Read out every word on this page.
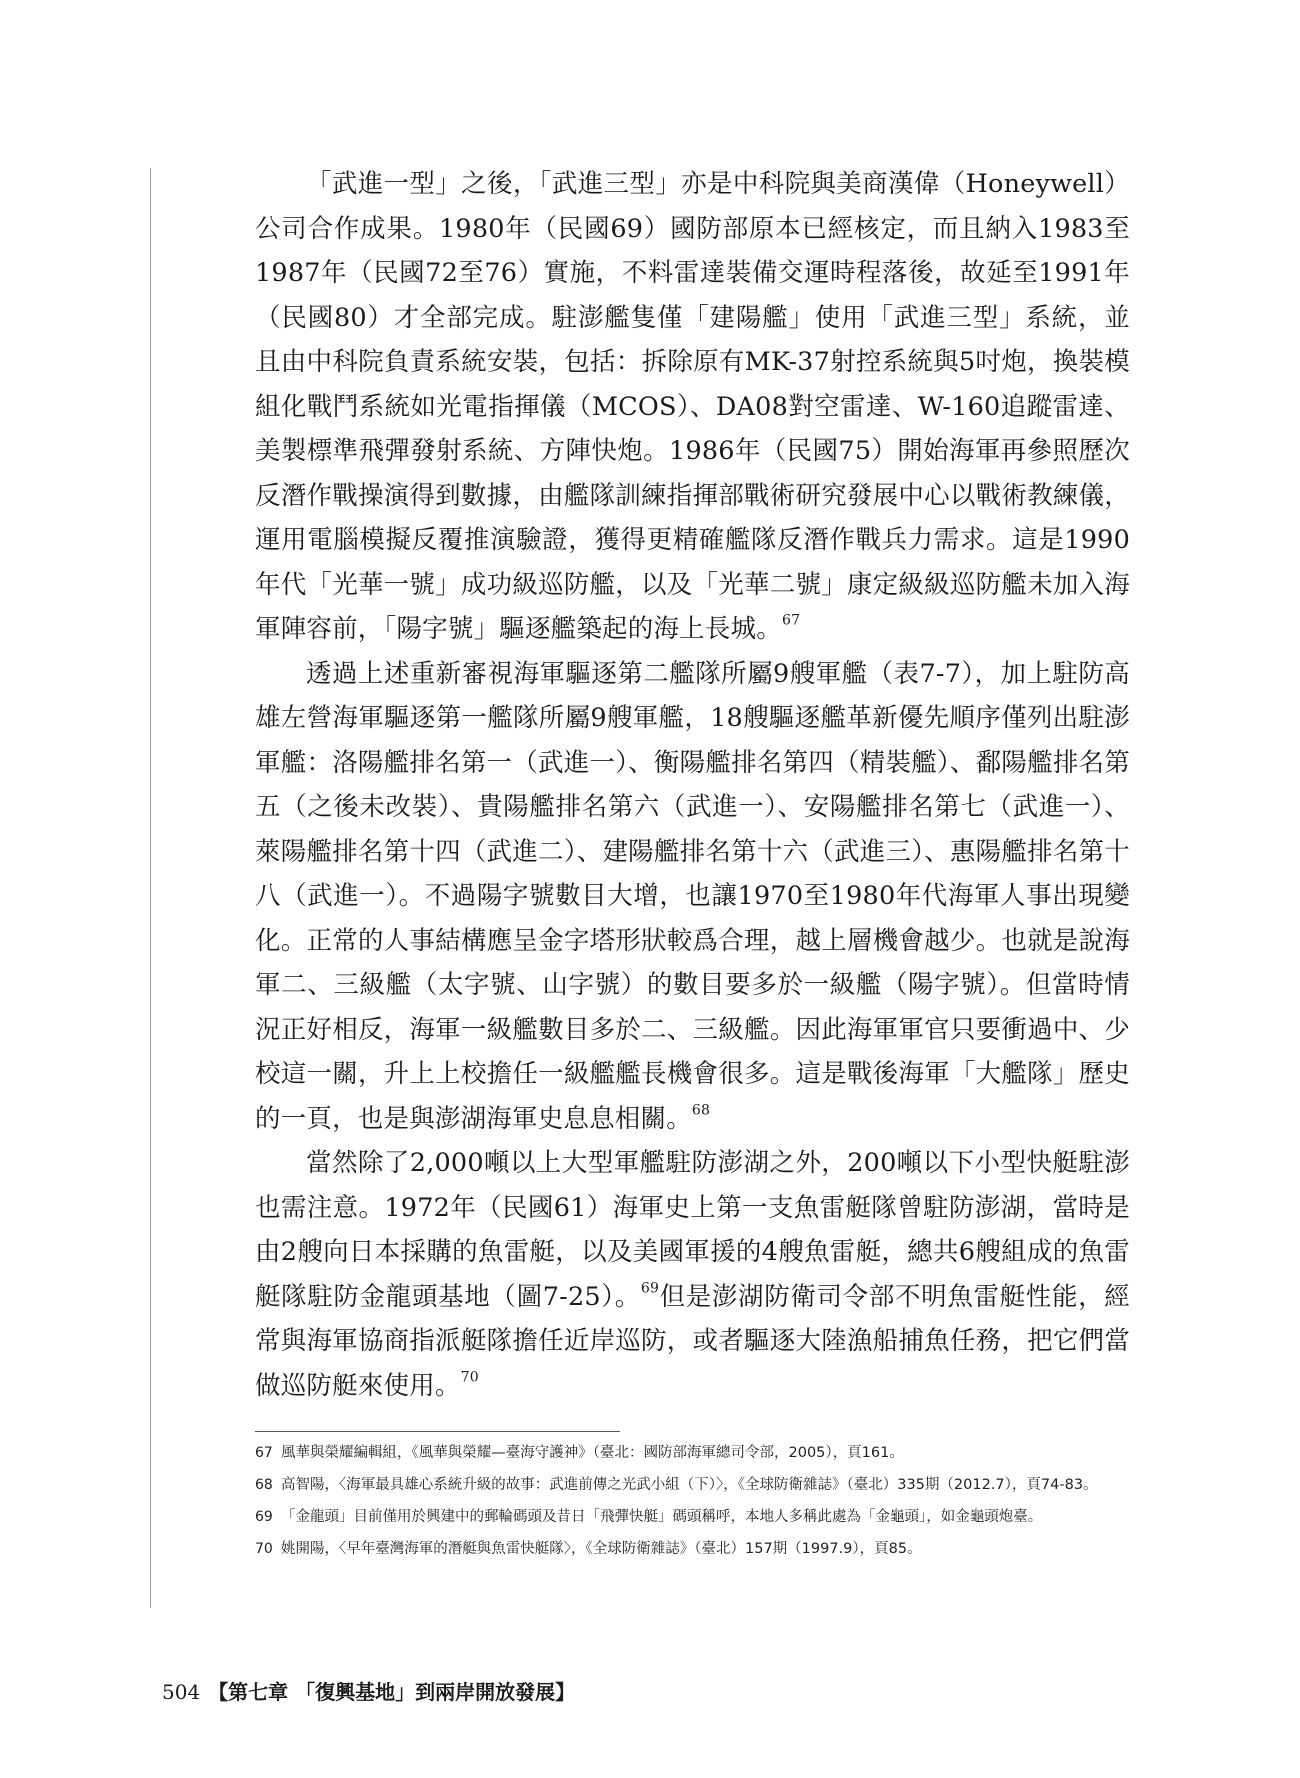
「武進一型」之後，「武進三型」亦是中科院與美商漢偉（Honeywell）公司合作成果。1980年（民國69）國防部原本已經核定，而且納入1983至1987年（民國72至76）實施，不料雷達裝備交運時程落後，故延至1991年（民國80）才全部完成。駐澎艦隻僅「建陽艦」使用「武進三型」系統，並且由中科院負責系統安裝，包括：拆除原有MK-37射控系統與5吋炮，換裝模組化戰鬥系統如光電指揮儀（MCOS）、DA08對空雷達、W-160追蹤雷達、美製標準飛彈發射系統、方陣快炮。1986年（民國75）開始海軍再參照歷次反潛作戰操演得到數據，由艦隊訓練指揮部戰術研究發展中心以戰術教練儀，運用電腦模擬反覆推演驗證，獲得更精確艦隊反潛作戰兵力需求。這是1990年代「光華一號」成功級巡防艦，以及「光華二號」康定級級巡防艦未加入海軍陣容前，「陽字號」驅逐艦築起的海上長城。$^{67}$

透過上述重新審視海軍驅逐第二艦隊所屬9艘軍艦（表7-7），加上駐防高雄左營海軍驅逐第一艦隊所屬9艘軍艦，18艘驅逐艦革新優先順序僅列出駐澎軍艦：洛陽艦排名第一（武進一）、衡陽艦排名第四（精裝艦）、鄱陽艦排名第五（之後未改裝）、貴陽艦排名第六（武進一）、安陽艦排名第七（武進一）、萊陽艦排名第十四（武進二）、建陽艦排名第十六（武進三）、惠陽艦排名第十八（武進一）。不過陽字號數目大增，也讓1970至1980年代海軍人事出現變化。正常的人事結構應呈金字塔形狀較爲合理，越上層機會越少。也就是說海軍二、三級艦（太字號、山字號）的數目要多於一級艦（陽字號）。但當時情況正好相反，海軍一級艦數目多於二、三級艦。因此海軍軍官只要衝過中、少校這一關，升上上校擔任一級艦艦長機會很多。這是戰後海軍「大艦隊」歷史的一頁，也是與澎湖海軍史息息相關。$^{68}$

當然除了2,000噸以上大型軍艦駐防澎湖之外，200噸以下小型快艇駐澎也需注意。1972年（民國61）海軍史上第一支魚雷艇隊曾駐防澎湖，當時是由2艘向日本採購的魚雷艇，以及美國軍援的4艘魚雷艇，總共6艘組成的魚雷艇隊駐防金龍頭基地（圖7-25）。$^{69}$但是澎湖防衛司令部不明魚雷艇性能，經常與海軍協商指派艇隊擔任近岸巡防，或者驅逐大陸漁船捕魚任務，把它們當做巡防艇來使用。$^{70}$

67 風華與榮耀編輯組，《風華與榮耀—臺海守護神》（臺北：國防部海軍總司令部，2005），頁161。
68 高智陽，〈海軍最具雄心系統升級的故事：武進前傳之光武小組（下）〉，《全球防衛雜誌》（臺北）335期（2012.7），頁74-83。
69 「金龍頭」目前僅用於興建中的郵輪碼頭及昔日「飛彈快艇」碼頭稱呼，本地人多稱此處為「金龜頭」，如金龜頭炮臺。
70 姚開陽，〈早年臺灣海軍的潛艇與魚雷快艇隊〉，《全球防衛雜誌》（臺北）157期（1997.9），頁85。
504 【第七章 「復興基地」到兩岸開放發展】
